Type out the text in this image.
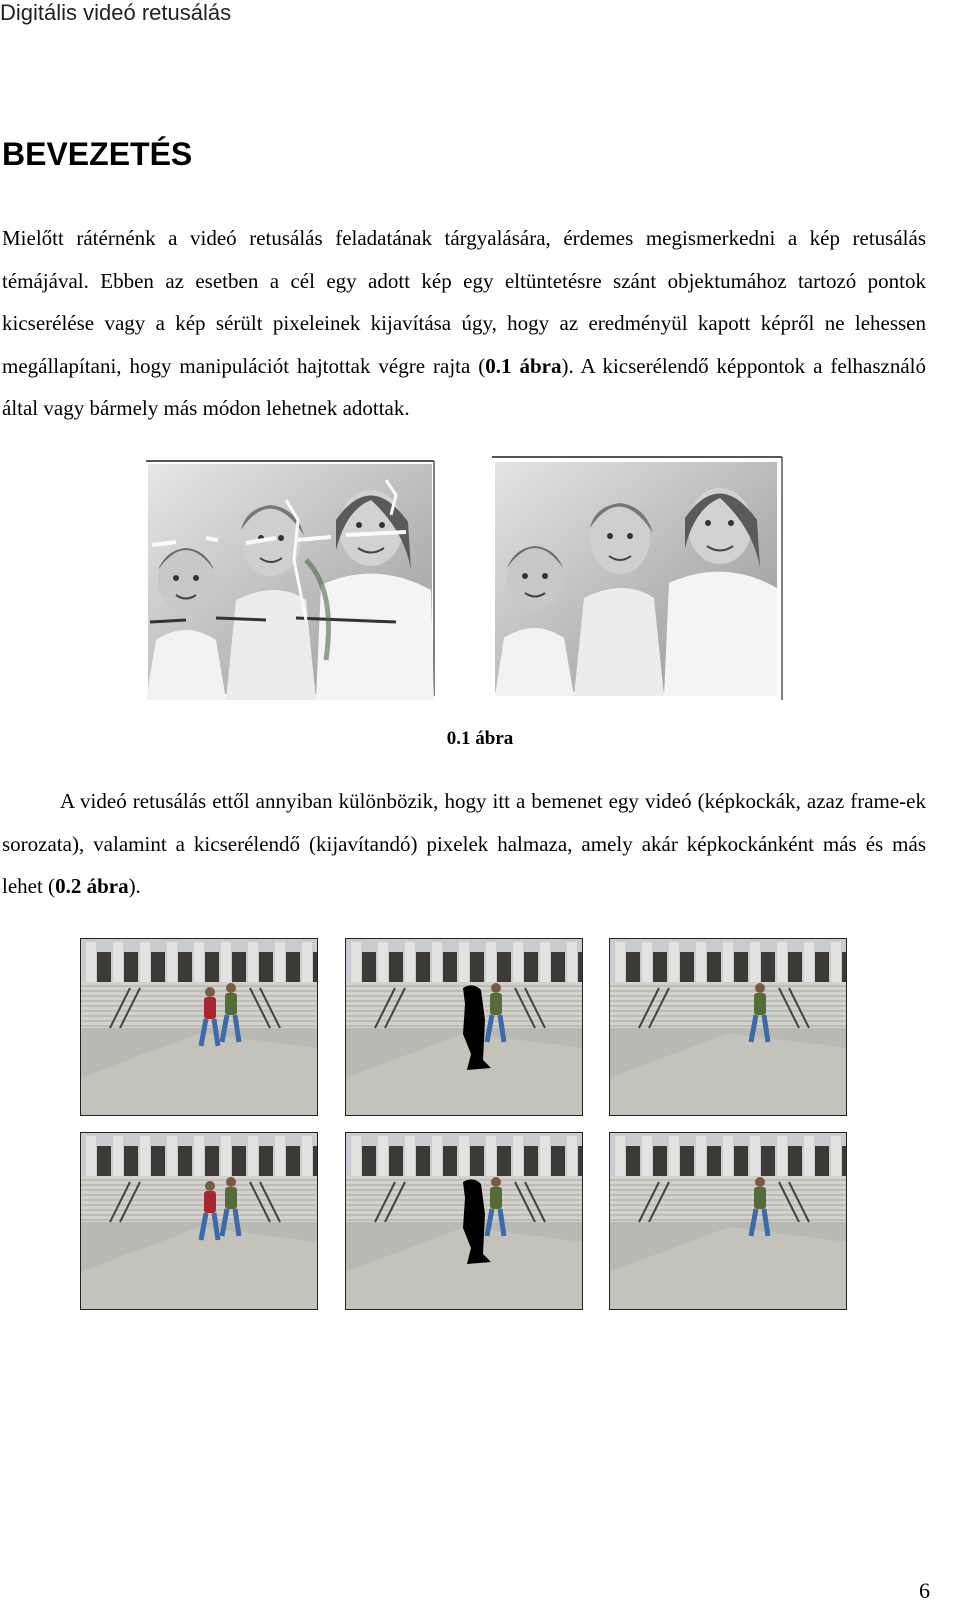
Digitális videó retusálás
BEVEZETÉS

Mielőtt rátérnénk a videó retusálás feladatának tárgyalására, érdemes megismerkedni a kép retusálás témájával. Ebben az esetben a cél egy adott kép egy eltüntetésre szánt objektumához tartozó pontok kicserélése vagy a kép sérült pixeleinek kijavítása úgy, hogy az eredményül kapott képről ne lehessen megállapítani, hogy manipulációt hajtottak végre rajta (0.1 ábra). A kicserélendő képpontok a felhasználó által vagy bármely más módon lehetnek adottak.

0.1 ábra

A videó retusálás ettől annyiban különbözik, hogy itt a bemenet egy videó (képkockák, azaz frame-ek sorozata), valamint a kicserélendő (kijavítandó) pixelek halmaza, amely akár képkockánként más és más lehet (0.2 ábra).

6
